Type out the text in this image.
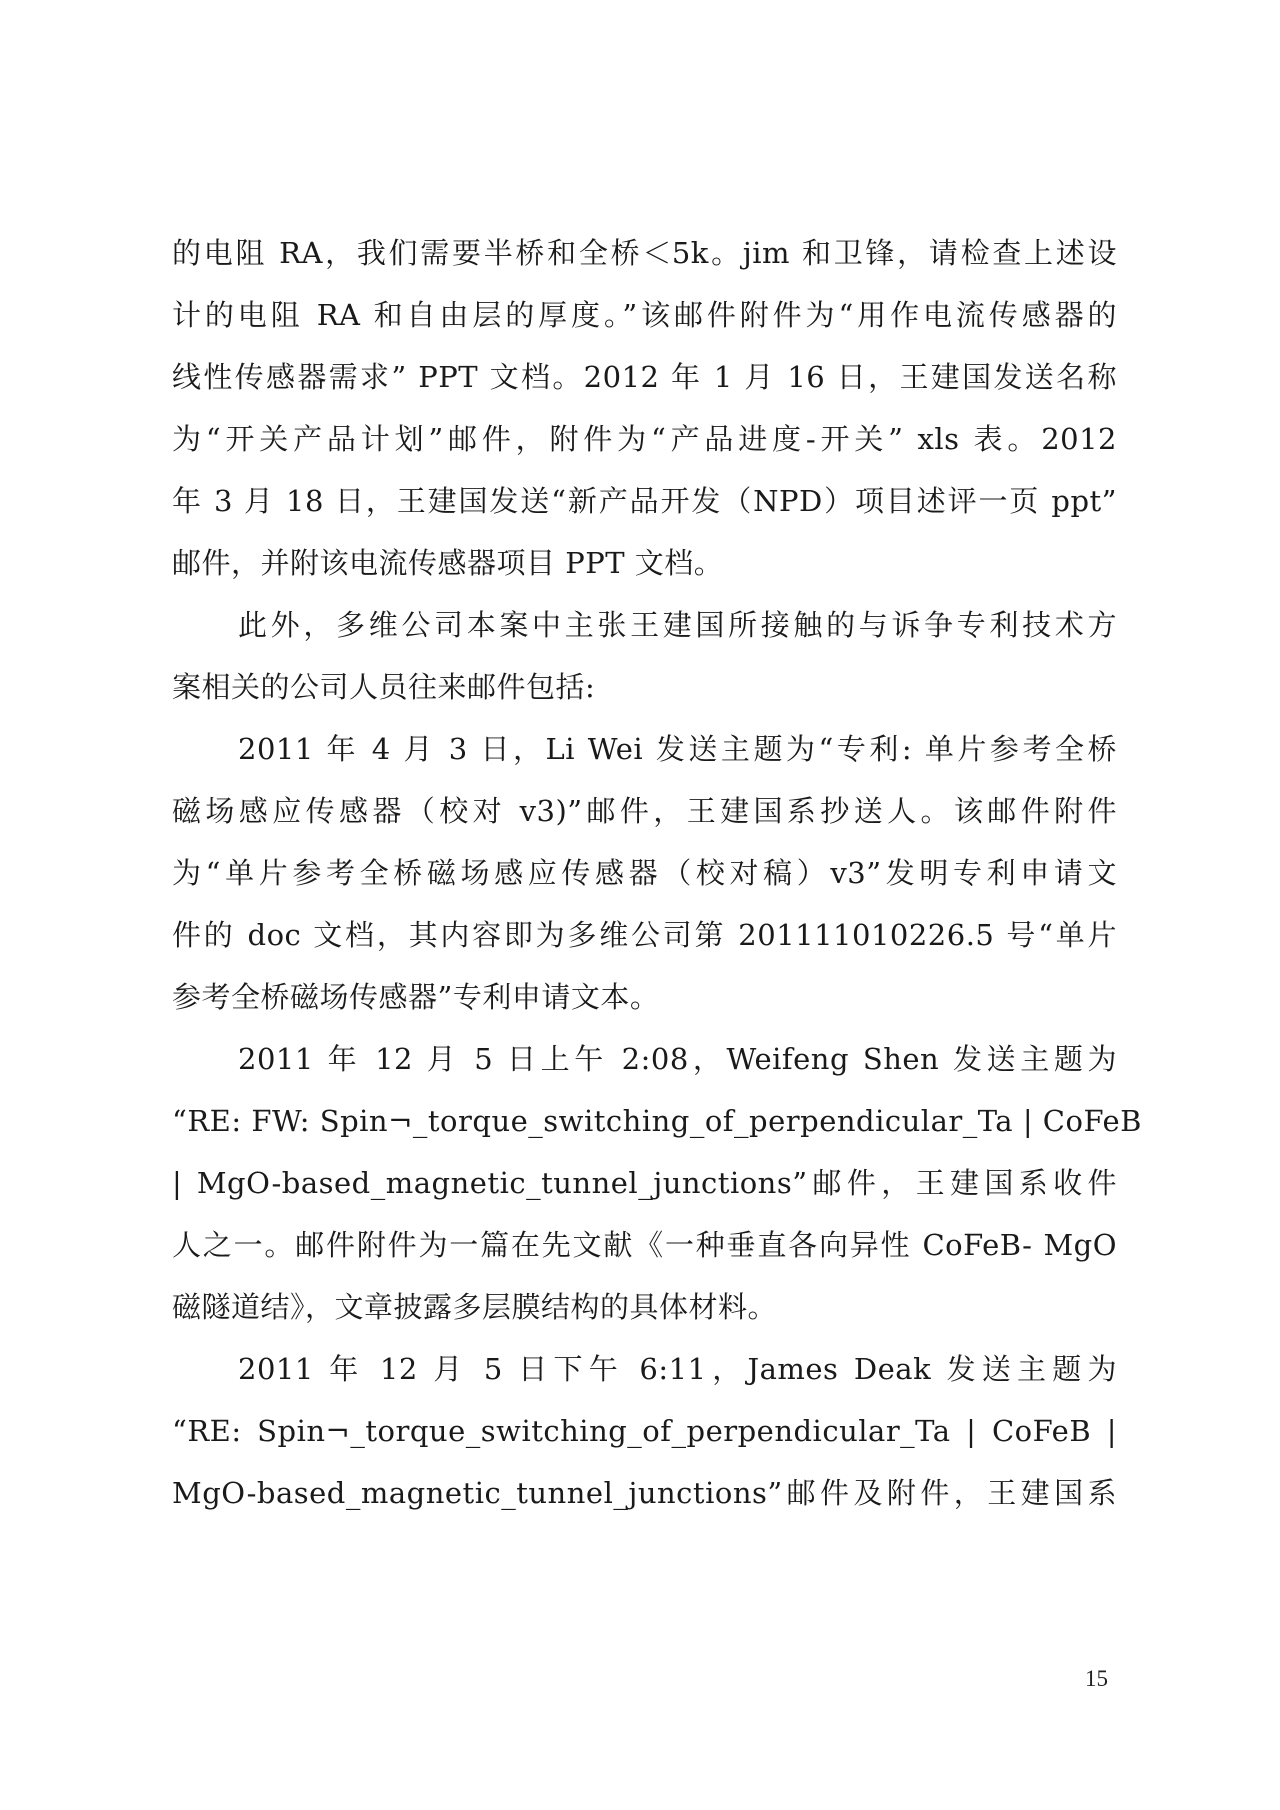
的电阻 RA，我们需要半桥和全桥＜5k。jim 和卫锋，请检查上述设
计的电阻 RA 和自由层的厚度。”该邮件附件为“用作电流传感器的
线性传感器需求” PPT 文档。2012 年 1 月 16 日，王建国发送名称
为“开关产品计划”邮件，附件为“产品进度-开关” xls 表。2012
年 3 月 18 日，王建国发送“新产品开发（NPD）项目述评一页 ppt”
邮件，并附该电流传感器项目 PPT 文档。
此外，多维公司本案中主张王建国所接触的与诉争专利技术方
案相关的公司人员往来邮件包括:
2011 年 4 月 3 日，Li Wei 发送主题为“专利: 单片参考全桥
磁场感应传感器（校对 v3)”邮件，王建国系抄送人。该邮件附件
为“单片参考全桥磁场感应传感器（校对稿）v3”发明专利申请文
件的 doc 文档，其内容即为多维公司第 201111010226.5 号“单片
参考全桥磁场传感器”专利申请文本。
2011 年 12 月 5 日上午 2:08，Weifeng Shen 发送主题为
“RE: FW: Spin¬_torque_switching_of_perpendicular_Ta | CoFeB
| MgO-based_magnetic_tunnel_junctions”邮件，王建国系收件
人之一。邮件附件为一篇在先文献《一种垂直各向异性 CoFeB- MgO
磁隧道结》，文章披露多层膜结构的具体材料。
2011 年 12 月 5 日下午 6:11，James Deak 发送主题为
“RE: Spin¬_torque_switching_of_perpendicular_Ta | CoFeB |
MgO-based_magnetic_tunnel_junctions”邮件及附件，王建国系
15
